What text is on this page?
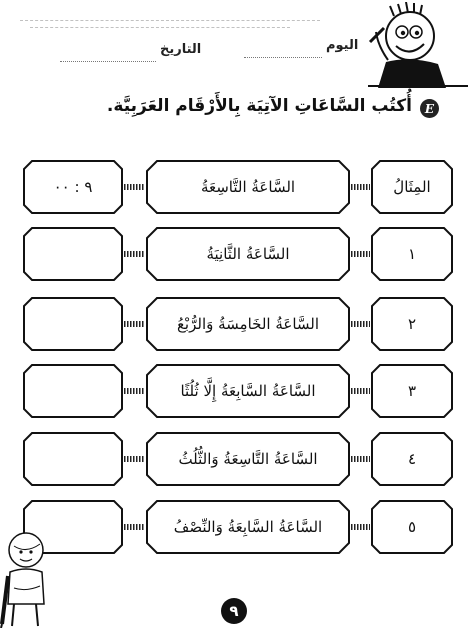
اليوم
التاريخ
E
أُكتُب السَّاعَاتِ الآتِيَة بِالأَرْقَام العَرَبِيَّة.
المِثَالُ
السَّاعَةُ التَّاسِعَةُ
٩ : ٠٠
١
السَّاعَةُ الثَّانِيَةُ
٢
السَّاعَةُ الخَامِسَةُ وَالرُّبْعُ
٣
السَّاعَةُ السَّابِعَةُ إِلَّا ثُلُثًا
٤
السَّاعَةُ التَّاسِعَةُ وَالثُّلُثُ
٥
السَّاعَةُ السَّابِعَةُ وَالنِّصْفُ
٩
